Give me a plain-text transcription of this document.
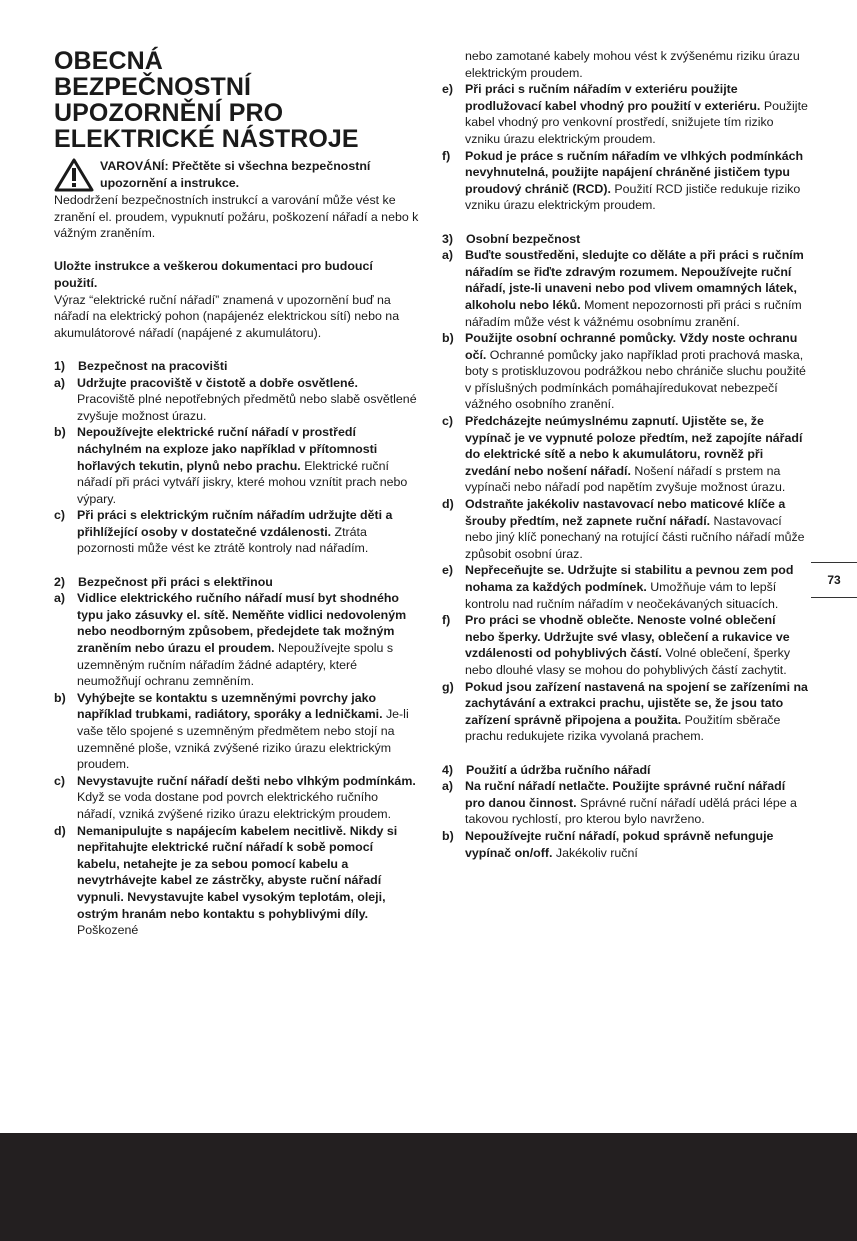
OBECNÁ
BEZPEČNOSTNÍ
UPOZORNĚNÍ PRO
ELEKTRICKÉ NÁSTROJE
VAROVÁNÍ: Přečtěte si všechna bezpečnostní upozornění a instrukce.

Nedodržení bezpečnostních instrukcí a varování může vést ke zranění el. proudem, vypuknutí požáru, poškození nářadí a nebo k vážným zraněním.

Uložte instrukce a veškerou dokumentaci pro budoucí použití.

Výraz “elektrické ruční nářadí” znamená v upozornění buď na nářadí na elektrický pohon (napájenéz elektrickou sítí) nebo na akumulátorové nářadí (napájené z akumulátoru).

1)	Bezpečnost na pracovišti
a) Udržujte pracoviště v čistotě a dobře osvětlené. Pracoviště plné nepotřebných předmětů nebo slabě osvětlené zvyšuje možnost úrazu.
b) Nepoužívejte elektrické ruční nářadí v prostředí náchylném na exploze jako například v přítomnosti hořlavých tekutin, plynů nebo prachu. Elektrické ruční nářadí při práci vytváří jiskry, které mohou vznítit prach nebo výpary.
c) Při práci s elektrickým ručním nářadím udržujte děti a přihlížející osoby v dostatečné vzdálenosti. Ztráta pozornosti může vést ke ztrátě kontroly nad nářadím.
2)	Bezpečnost při práci s elektřinou
a) Vidlice elektrického ručního nářadí musí byt shodného typu jako zásuvky el. sítě. Neměňte vidlici nedovoleným nebo neodborným způsobem, předejdete tak možným zraněním nebo úrazu el proudem. Nepoužívejte spolu s uzemněným ručním nářadím žádné adaptéry, které neumožňují ochranu zemněním.
b) Vyhýbejte se kontaktu s uzemněnými povrchy jako například trubkami, radiátory, sporáky a ledničkami. Je-li vaše tělo spojené s uzemněným předmětem nebo stojí na uzemněné ploše, vzniká zvýšené riziko úrazu elektrickým proudem.
c) Nevystavujte ruční nářadí dešti nebo vlhkým podmínkám. Když se voda dostane pod povrch elektrického ručního nářadí, vzniká zvýšené riziko úrazu elektrickým proudem.
d) Nemanipulujte s napájecím kabelem necitlivě. Nikdy si nepřitahujte elektrické ruční nářadí k sobě pomocí kabelu, netahejte je za sebou pomocí kabelu a nevytrhávejte kabel ze zástrčky, abyste ruční nářadí vypnuli. Nevystavujte kabel vysokým teplotám, oleji, ostrým hranám nebo kontaktu s pohyblivými díly. Poškozené
nebo zamotané kabely mohou vést k zvýšenému riziku úrazu elektrickým proudem.
e) Při práci s ručním nářadím v exteriéru použijte prodlužovací kabel vhodný pro použití v exteriéru. Použijte kabel vhodný pro venkovní prostředí, snižujete tím riziko vzniku úrazu elektrickým proudem.
f)	Pokud je práce s ručním nářadím ve vlhkých podmínkách nevyhnutelná, použijte napájení chráněné jističem typu proudový chránič (RCD). Použití RCD jističe redukuje riziko vzniku úrazu elektrickým proudem.
3)	Osobní bezpečnost
a) Buďte soustředěni, sledujte co děláte a při práci s ručním nářadím se řiďte zdravým rozumem. Nepoužívejte ruční nářadí, jste-li unaveni nebo pod vlivem omamných látek, alkoholu nebo léků. Moment nepozornosti při práci s ručním nářadím může vést k vážnému osobnímu zranění.
b) Použijte osobní ochranné pomůcky. Vždy noste ochranu očí. Ochranné pomůcky jako například proti prachová maska, boty s protiskluzovou podrážkou nebo chrániče sluchu použité v příslušných podmínkách pomáhajíredukovat nebezpečí vážného osobního zranění.
c) Předcházejte neúmyslnému zapnutí. Ujistěte se, že vypínač je ve vypnuté poloze předtím, než zapojíte nářadí do elektrické sítě a nebo k akumulátoru, rovněž při zvedání nebo nošení nářadí. Nošení nářadí s prstem na vypínači nebo nářadí pod napětím zvyšuje možnost úrazu.
d) Odstraňte jakékoliv nastavovací nebo maticové klíče a šrouby předtím, než zapnete ruční nářadí. Nastavovací nebo jiný klíč ponechaný na rotující části ručního nářadí může způsobit osobní úraz.
e) Nepřeceňujte se. Udržujte si stabilitu a pevnou zem pod nohama za každých podmínek. Umožňuje vám to lepší kontrolu nad ručním nářadím v neočekávaných situacích.
f)	Pro práci se vhodně oblečte. Nenoste volné oblečení nebo šperky. Udržujte své vlasy, oblečení a rukavice ve vzdálenosti od pohyblivých částí. Volné oblečení, šperky nebo dlouhé vlasy se mohou do pohyblivých částí zachytit.
g) Pokud jsou zařízení nastavená na spojení se zařízeními na zachytávání a extrakci prachu, ujistěte se, že jsou tato zařízení správně připojena a použita. Použitím sběrače prachu redukujete rizika vyvolaná prachem.
4)	Použití a údržba ručního nářadí
a) Na ruční nářadí netlačte. Použijte správné ruční nářadí pro danou činnost. Správné ruční nářadí udělá práci lépe a takovou rychlostí, pro kterou bylo navrženo.
b) Nepoužívejte ruční nářadí, pokud správně nefunguje vypínač on/off. Jakékoliv ruční
73
